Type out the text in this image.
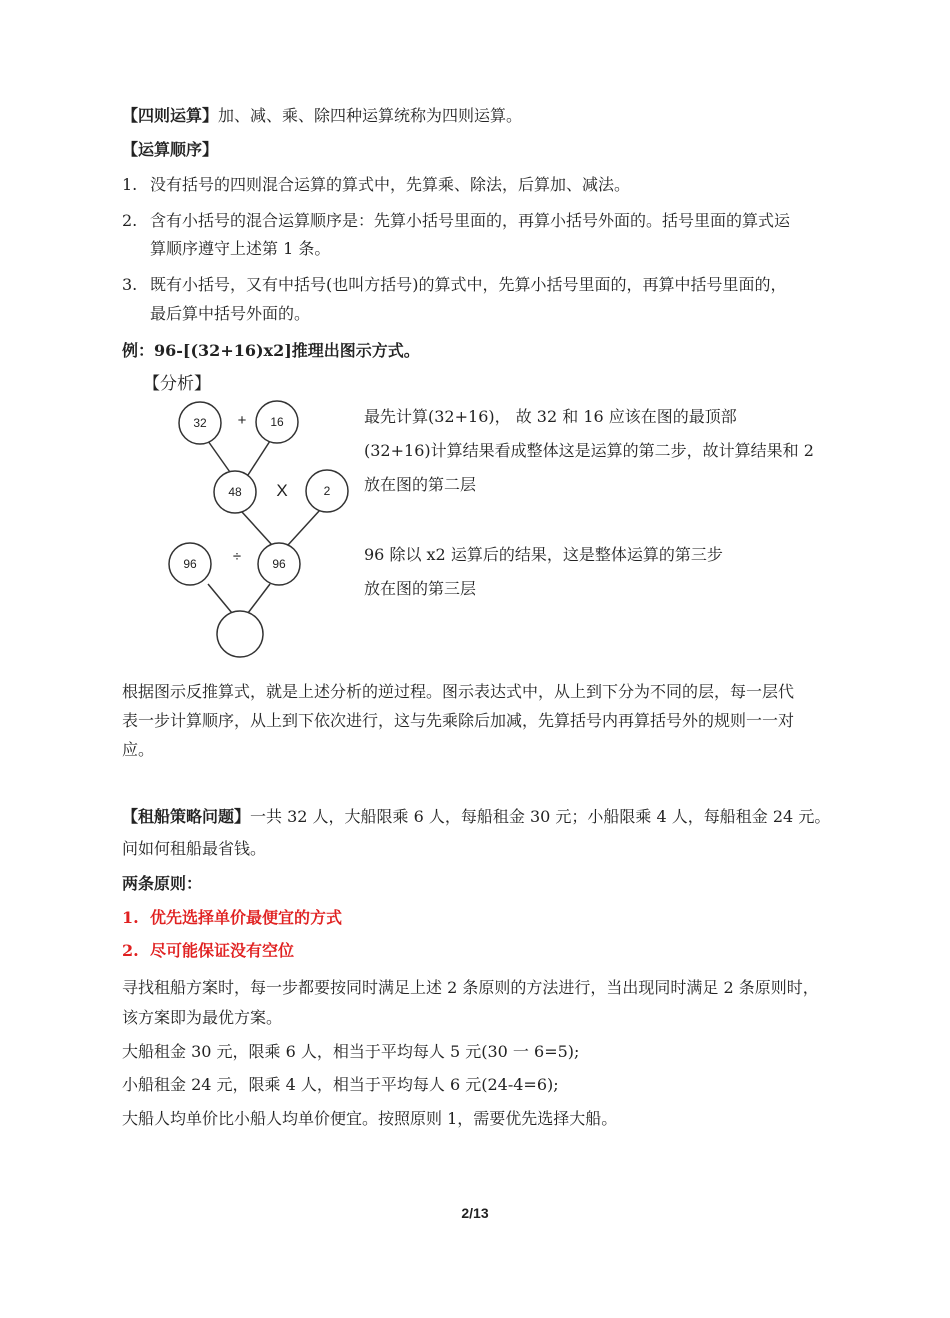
【四则运算】加、减、乘、除四种运算统称为四则运算。
【运算顺序】
1. 没有括号的四则混合运算的算式中，先算乘、除法，后算加、减法。
2. 含有小括号的混合运算顺序是：先算小括号里面的，再算小括号外面的。括号里面的算式运
算顺序遵守上述第 1 条。
3. 既有小括号，又有中括号(也叫方括号)的算式中，先算小括号里面的，再算中括号里面的，
最后算中括号外面的。
例：96-[(32+16)x2]推理出图示方式。
【分析】
32 + 16
48 X	2
96 ÷	96
最先计算(32+16)， 故 32 和 16 应该在图的最顶部
(32+16)计算结果看成整体这是运算的第二步，故计算结果和 2
放在图的第二层
96 除以 x2 运算后的结果，这是整体运算的第三步
放在图的第三层
根据图示反推算式，就是上述分析的逆过程。图示表达式中，从上到下分为不同的层，每一层代
表一步计算顺序，从上到下依次进行，这与先乘除后加减，先算括号内再算括号外的规则一一对
应。
【租船策略问题】一共 32 人，大船限乘 6 人，每船租金 30 元；小船限乘 4 人，每船租金 24 元。
问如何租船最省钱。
两条原则：
1. 优先选择单价最便宜的方式
2. 尽可能保证没有空位
寻找租船方案时，每一步都要按同时满足上述 2 条原则的方法进行，当出现同时满足 2 条原则时，
该方案即为最优方案。
大船租金 30 元，限乘 6 人，相当于平均每人 5 元(30 一 6=5);
小船租金 24 元，限乘 4 人，相当于平均每人 6 元(24-4=6);
大船人均单价比小船人均单价便宜。按照原则 1，需要优先选择大船。
2/13
